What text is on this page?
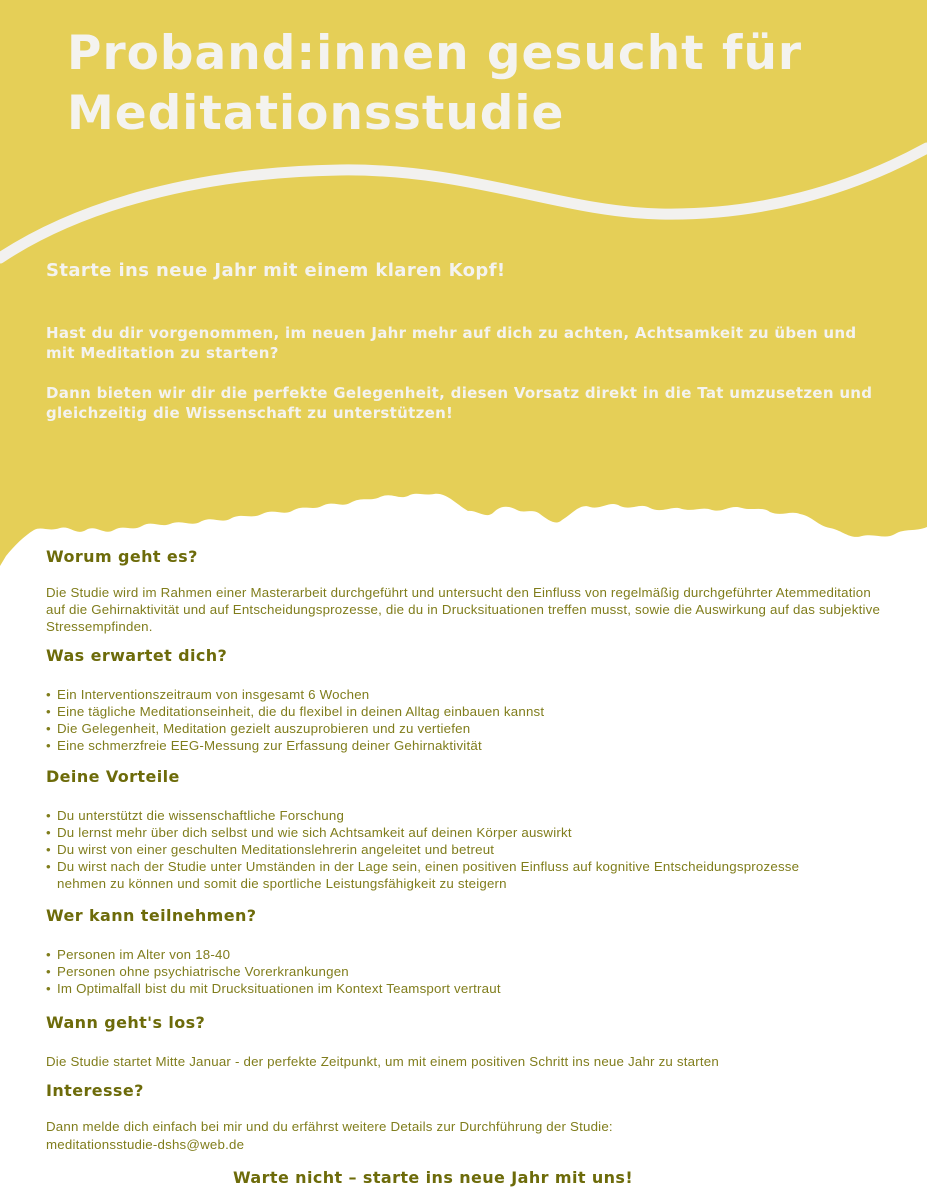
Proband:innen gesucht für
Meditationsstudie
Starte ins neue Jahr mit einem klaren Kopf!
Hast du dir vorgenommen, im neuen Jahr mehr auf dich zu achten, Achtsamkeit zu üben und mit Meditation zu starten?
Dann bieten wir dir die perfekte Gelegenheit, diesen Vorsatz direkt in die Tat umzusetzen und gleichzeitig die Wissenschaft zu unterstützen!
Worum geht es?
Die Studie wird im Rahmen einer Masterarbeit durchgeführt und untersucht den Einfluss von regelmäßig durchgeführter Atemmeditation auf die Gehirnaktivität und auf Entscheidungsprozesse, die du in Drucksituationen treffen musst, sowie die Auswirkung auf das subjektive Stressempfinden.
Was erwartet dich?
• Ein Interventionszeitraum von insgesamt 6 Wochen
• Eine tägliche Meditationseinheit, die du flexibel in deinen Alltag einbauen kannst
• Die Gelegenheit, Meditation gezielt auszuprobieren und zu vertiefen
• Eine schmerzfreie EEG-Messung zur Erfassung deiner Gehirnaktivität
Deine Vorteile
• Du unterstützt die wissenschaftliche Forschung
• Du lernst mehr über dich selbst und wie sich Achtsamkeit auf deinen Körper auswirkt
• Du wirst von einer geschulten Meditationslehrerin angeleitet und betreut
• Du wirst nach der Studie unter Umständen in der Lage sein, einen positiven Einfluss auf kognitive Entscheidungsprozesse nehmen zu können und somit die sportliche Leistungsfähigkeit zu steigern
Wer kann teilnehmen?
• Personen im Alter von 18-40
• Personen ohne psychiatrische Vorerkrankungen
• Im Optimalfall bist du mit Drucksituationen im Kontext Teamsport vertraut
Wann geht's los?
Die Studie startet Mitte Januar - der perfekte Zeitpunkt, um mit einem positiven Schritt ins neue Jahr zu starten
Interesse?
Dann melde dich einfach bei mir und du erfährst weitere Details zur Durchführung der Studie:
meditationsstudie-dshs@web.de
Warte nicht – starte ins neue Jahr mit uns!
